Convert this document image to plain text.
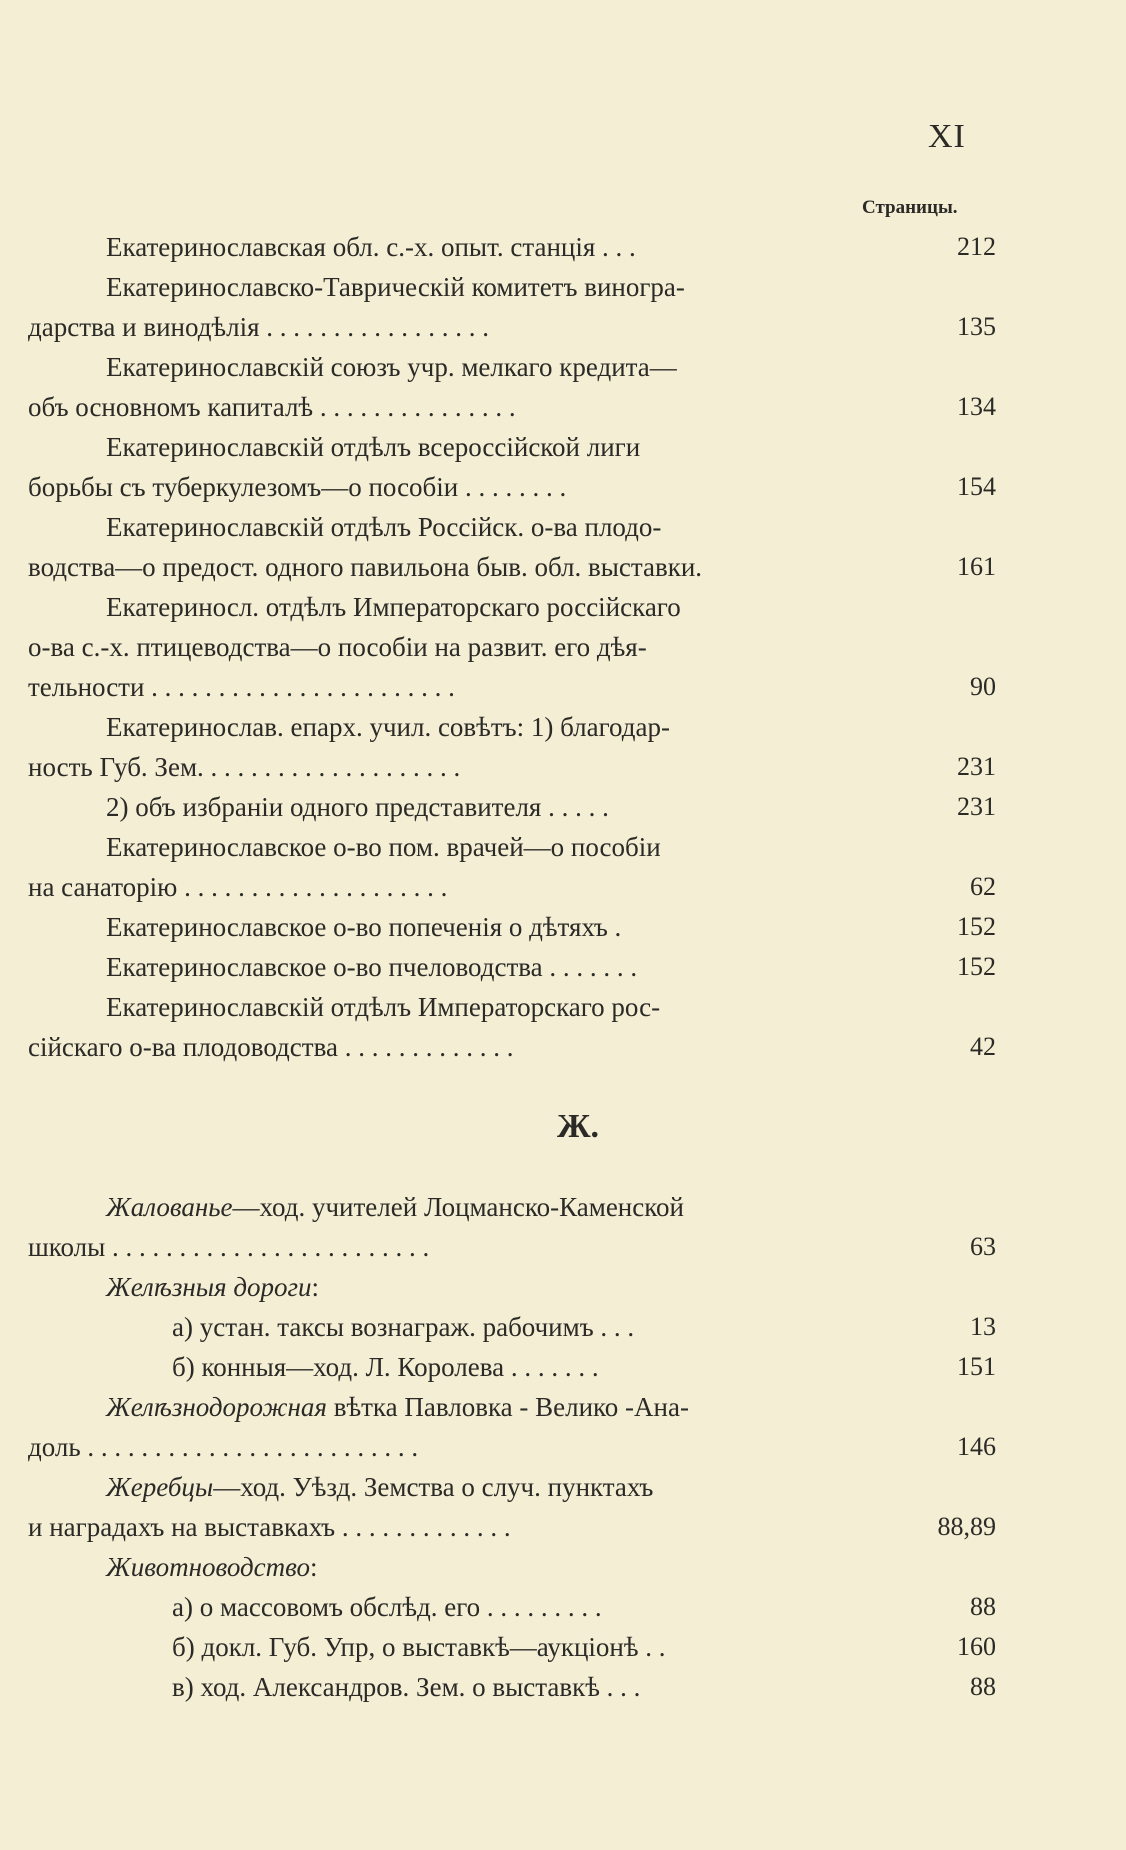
XI
Страницы.
Екатеринославская обл. с.-х. опыт. станція . . .	212
Екатеринославско-Таврическій комитетъ виногра-
дарства и винодѣлія . . . . . . . . . . . . . . . . .	135
Екатеринославскій союзъ учр. мелкаго кредита—
объ основномъ капиталѣ . . . . . . . . . . . . . . .	134
Екатеринославскій отдѣлъ всероссійской лиги
борьбы съ туберкулезомъ—о пособіи . . . . . . . .	154
Екатеринославскій отдѣлъ Россійск. о-ва плодо-
водства—о предост. одного павильона быв. обл. выставки.	161
Екатериносл. отдѣлъ Императорскаго россійскаго
о-ва с.-х. птицеводства—о пособіи на развит. его дѣя-
тельности . . . . . . . . . . . . . . . . . . . . . . .	90
Екатеринослав. епарх. учил. совѣтъ: 1) благодар-
ность Губ. Зем. . . . . . . . . . . . . . . . . . . .	231
2) объ избраніи одного представителя . . . . .	231
Екатеринославское о-во пом. врачей—о пособіи
на санаторію . . . . . . . . . . . . . . . . . . . .	62
Екатеринославское о-во попеченія о дѣтяхъ .	152
Екатеринославское о-во пчеловодства . . . . . . .	152
Екатеринославскій отдѣлъ Императорскаго рос-
сійскаго о-ва плодоводства . . . . . . . . . . . . .	42
Ж.
Жалованье—ход. учителей Лоцманско-Каменской
школы . . . . . . . . . . . . . . . . . . . . . . . .	63
Желѣзныя дороги:
а) устан. таксы вознаграж. рабочимъ . . .	13
б) конныя—ход. Л. Королева . . . . . . .	151
Желѣзнодорожная вѣтка Павловка - Велико -Ана-
доль . . . . . . . . . . . . . . . . . . . . . . . . .	146
Жеребцы—ход. Уѣзд. Земства о случ. пунктахъ
и наградахъ на выставкахъ . . . . . . . . . . . . .	88,89
Животноводство:
а) о массовомъ обслѣд. его . . . . . . . . .	88
б) докл. Губ. Упр, о выставкѣ—аукціонѣ . .	160
в) ход. Александров. Зем. о выставкѣ . . .	88
